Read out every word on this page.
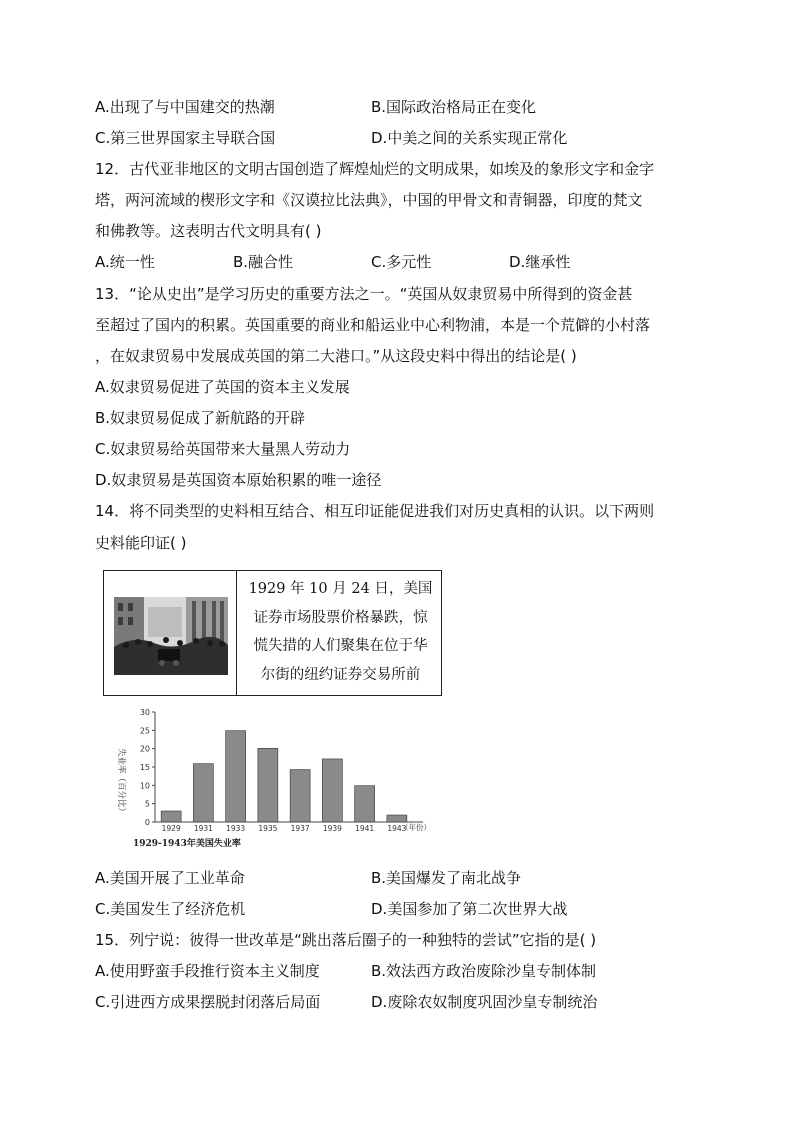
A.出现了与中国建交的热潮	B.国际政治格局正在变化
C.第三世界国家主导联合国	D.中美之间的关系实现正常化
12．古代亚非地区的文明古国创造了辉煌灿烂的文明成果，如埃及的象形文字和金字
塔，两河流域的楔形文字和《汉谟拉比法典》，中国的甲骨文和青铜器，印度的梵文
和佛教等。这表明古代文明具有( )
A.统一性	B.融合性	C.多元性	D.继承性
13．“论从史出”是学习历史的重要方法之一。“英国从奴隶贸易中所得到的资金甚
至超过了国内的积累。英国重要的商业和船运业中心利物浦，本是一个荒僻的小村落
，在奴隶贸易中发展成英国的第二大港口。”从这段史料中得出的结论是( )
A.奴隶贸易促进了英国的资本主义发展
B.奴隶贸易促成了新航路的开辟
C.奴隶贸易给英国带来大量黑人劳动力
D.奴隶贸易是英国资本原始积累的唯一途径
14．将不同类型的史料相互结合、相互印证能促进我们对历史真相的认识。以下两则
史料能印证( )
1929 年 10 月 24 日，美国
证券市场股票价格暴跌，惊
慌失措的人们聚集在位于华
尔街的纽约证券交易所前
失业率（百分比）
0
5
10
15
20
25
30
1929 1931 1933 1935 1937 1939 1941 1943
（年份）
1929-1943年美国失业率
A.美国开展了工业革命	B.美国爆发了南北战争
C.美国发生了经济危机	D.美国参加了第二次世界大战
15．列宁说：彼得一世改革是“跳出落后圈子的一种独特的尝试”它指的是( )
A.使用野蛮手段推行资本主义制度	B.效法西方政治废除沙皇专制体制
C.引进西方成果摆脱封闭落后局面	D.废除农奴制度巩固沙皇专制统治
